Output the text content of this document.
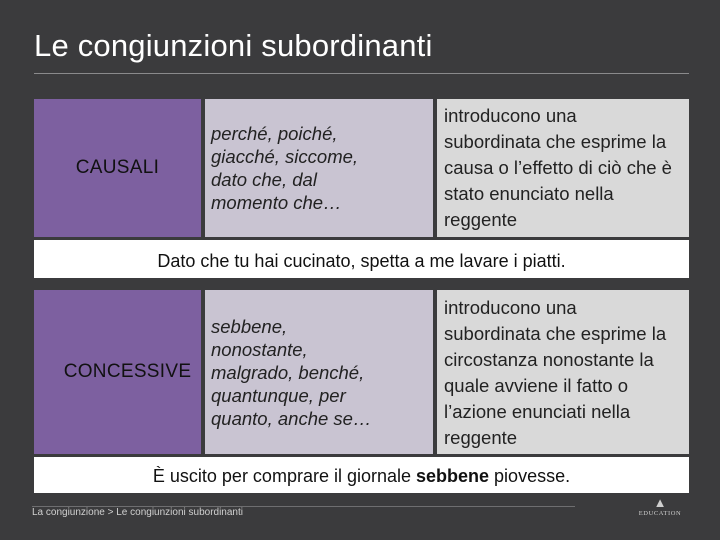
Le congiunzioni subordinanti
CAUSALI
perché, poiché,
giacché, siccome,
dato che, dal
momento che…
introducono una
subordinata che esprime la
causa o l’effetto di ciò che è
stato enunciato nella
reggente
Dato che tu hai cucinato, spetta a me lavare i piatti.
CONCESSIVE
sebbene,
nonostante,
malgrado, benché,
quantunque, per
quanto, anche se…
introducono una
subordinata che esprime la
circostanza nonostante la
quale avviene il fatto o
l’azione enunciati nella
reggente
È uscito per comprare il giornale sebbene piovesse.
La congiunzione > Le congiunzioni subordinanti
▲
EDUCATION
